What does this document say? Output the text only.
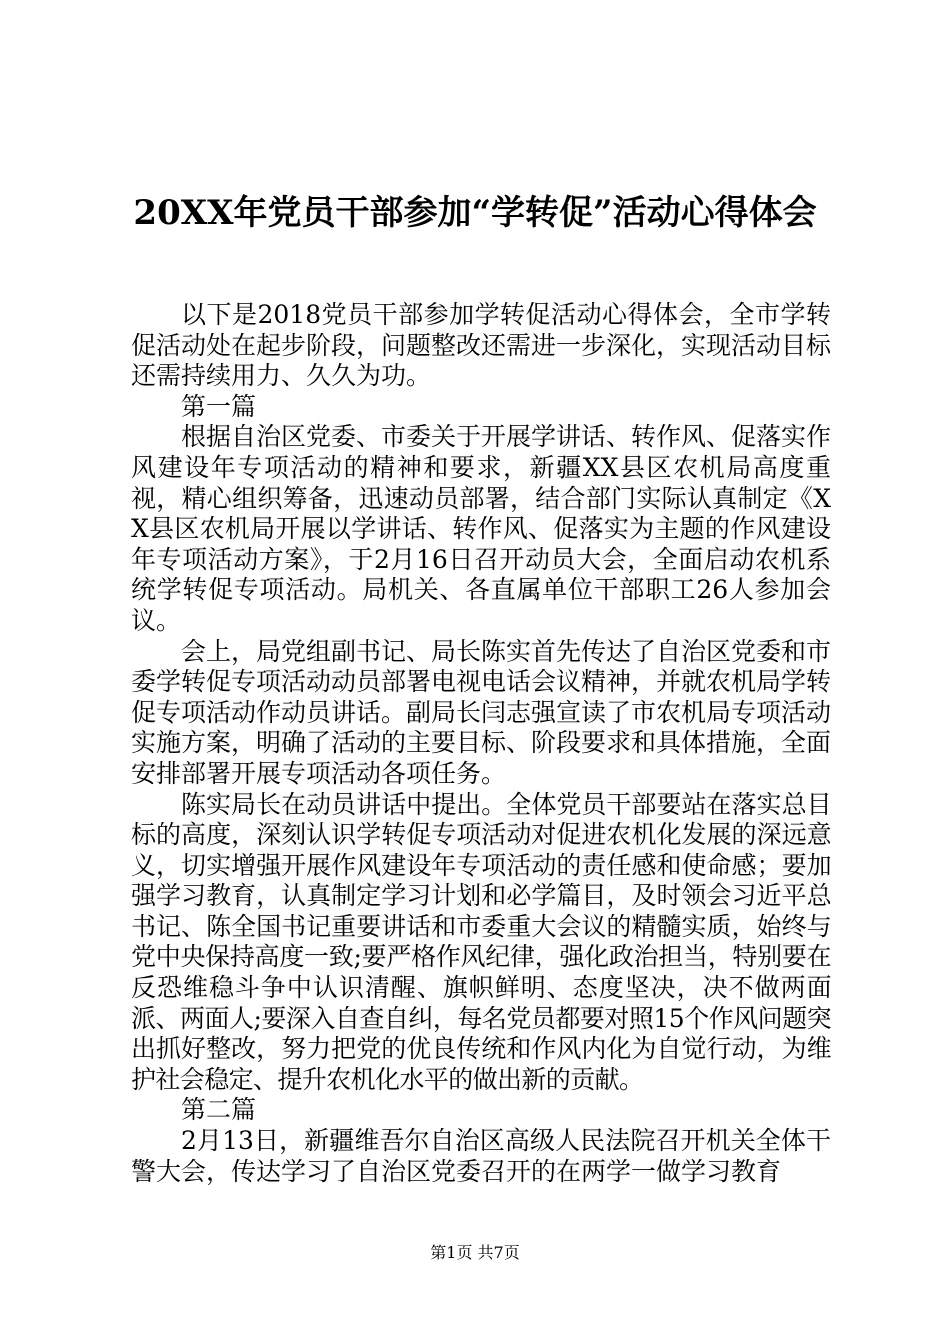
20XX年党员干部参加“学转促”活动心得体会

以下是2018党员干部参加学转促活动心得体会，全市学转促活动处在起步阶段，问题整改还需进一步深化，实现活动目标还需持续用力、久久为功。

第一篇

根据自治区党委、市委关于开展学讲话、转作风、促落实作风建设年专项活动的精神和要求，新疆XX县区农机局高度重视，精心组织筹备，迅速动员部署，结合部门实际认真制定《XX县区农机局开展以学讲话、转作风、促落实为主题的作风建设年专项活动方案》，于2月16日召开动员大会，全面启动农机系统学转促专项活动。局机关、各直属单位干部职工26人参加会议。

会上，局党组副书记、局长陈实首先传达了自治区党委和市委学转促专项活动动员部署电视电话会议精神，并就农机局学转促专项活动作动员讲话。副局长闫志强宣读了市农机局专项活动实施方案，明确了活动的主要目标、阶段要求和具体措施，全面安排部署开展专项活动各项任务。

陈实局长在动员讲话中提出。全体党员干部要站在落实总目标的高度，深刻认识学转促专项活动对促进农机化发展的深远意义，切实增强开展作风建设年专项活动的责任感和使命感；要加强学习教育，认真制定学习计划和必学篇目，及时领会习近平总书记、陈全国书记重要讲话和市委重大会议的精髓实质，始终与党中央保持高度一致;要严格作风纪律，强化政治担当，特别要在反恐维稳斗争中认识清醒、旗帜鲜明、态度坚决，决不做两面派、两面人;要深入自查自纠，每名党员都要对照15个作风问题突出抓好整改，努力把党的优良传统和作风内化为自觉行动，为维护社会稳定、提升农机化水平的做出新的贡献。

第二篇

2月13日，新疆维吾尔自治区高级人民法院召开机关全体干警大会，传达学习了自治区党委召开的在两学一做学习教育

第1页 共7页
